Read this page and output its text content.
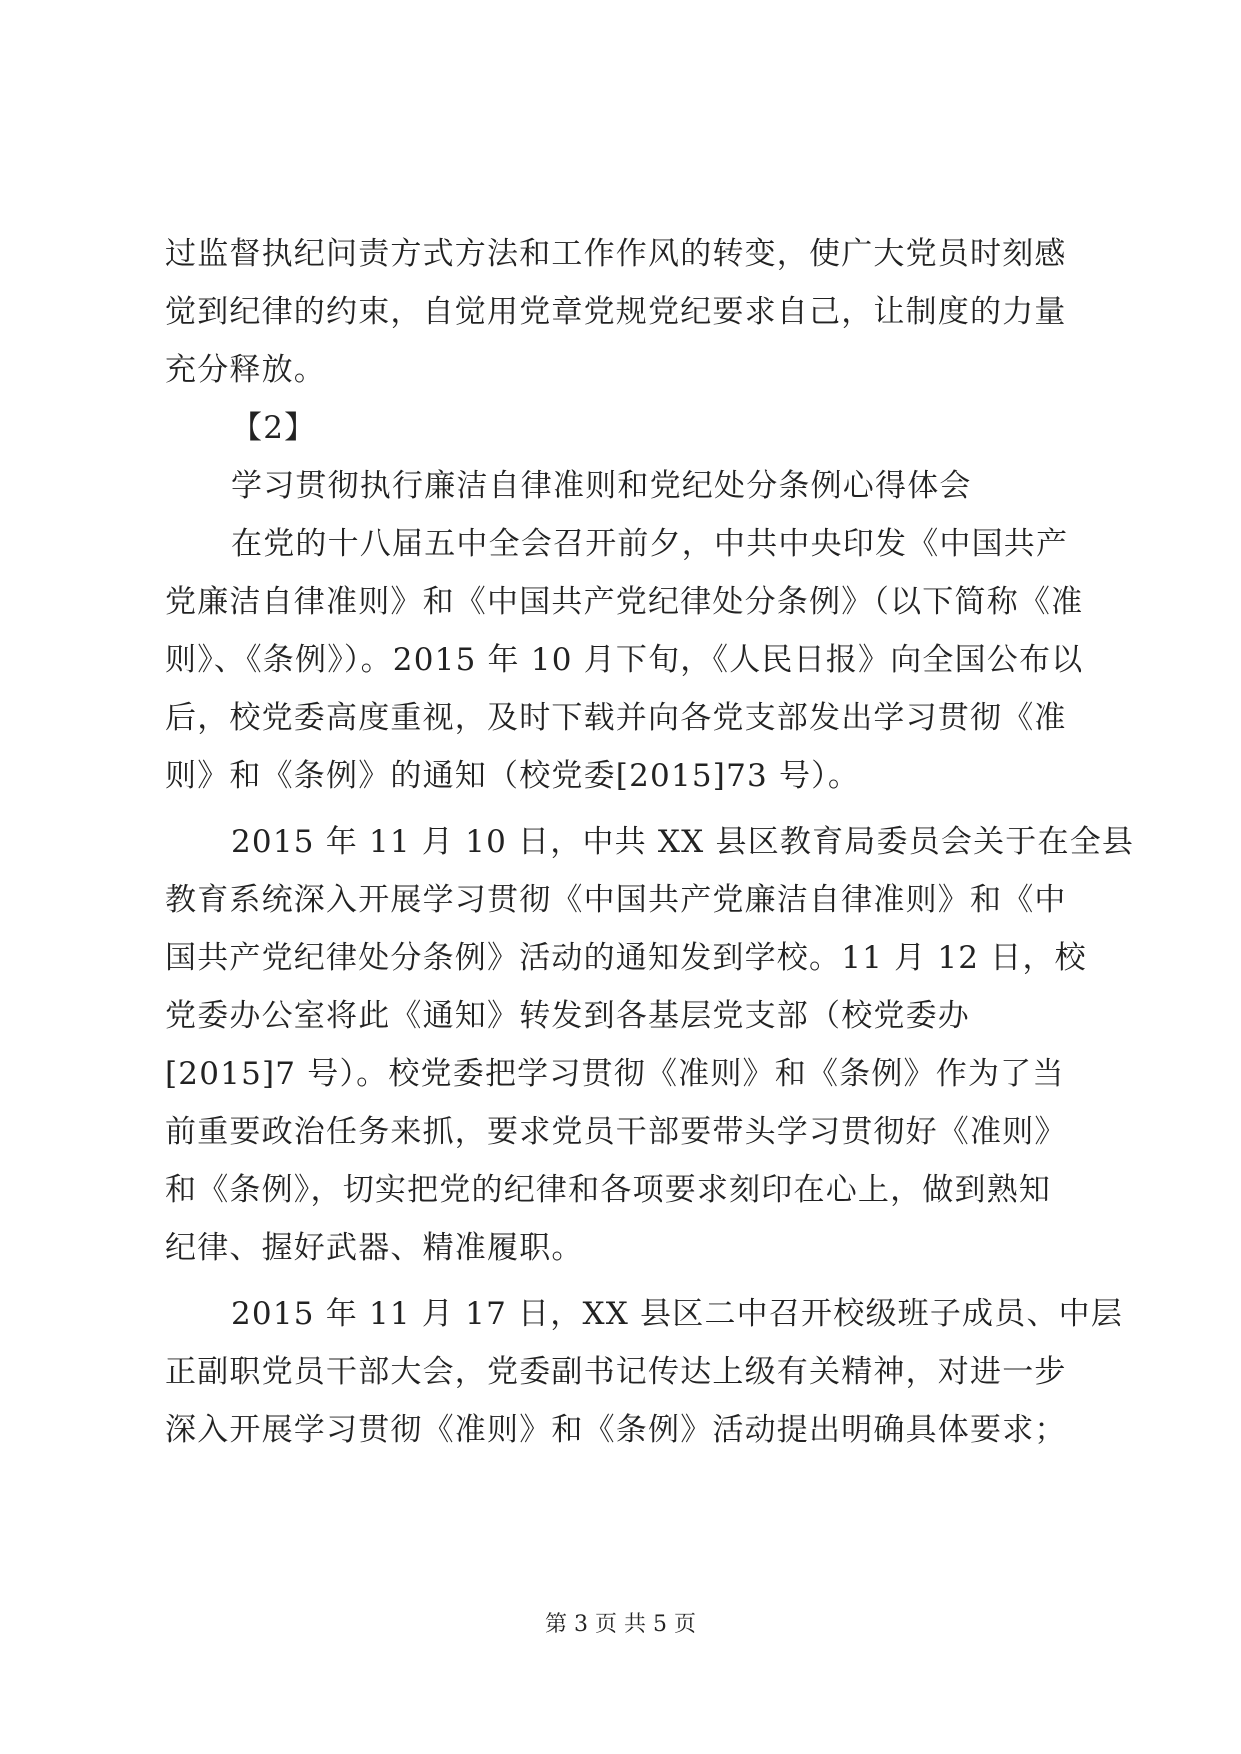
过监督执纪问责方式方法和工作作风的转变，使广大党员时刻感
觉到纪律的约束，自觉用党章党规党纪要求自己，让制度的力量
充分释放。
【2】
学习贯彻执行廉洁自律准则和党纪处分条例心得体会
在党的十八届五中全会召开前夕，中共中央印发《中国共产
党廉洁自律准则》和《中国共产党纪律处分条例》（以下简称《准
则》、《条例》）。2015 年 10 月下旬，《人民日报》向全国公布以
后，校党委高度重视，及时下载并向各党支部发出学习贯彻《准
则》和《条例》的通知（校党委[2015]73 号）。
2015 年 11 月 10 日，中共 XX 县区教育局委员会关于在全县
教育系统深入开展学习贯彻《中国共产党廉洁自律准则》和《中
国共产党纪律处分条例》活动的通知发到学校。11 月 12 日，校
党委办公室将此《通知》转发到各基层党支部（校党委办
[2015]7 号）。校党委把学习贯彻《准则》和《条例》作为了当
前重要政治任务来抓，要求党员干部要带头学习贯彻好《准则》
和《条例》，切实把党的纪律和各项要求刻印在心上，做到熟知
纪律、握好武器、精准履职。
2015 年 11 月 17 日，XX 县区二中召开校级班子成员、中层
正副职党员干部大会，党委副书记传达上级有关精神，对进一步
深入开展学习贯彻《准则》和《条例》活动提出明确具体要求；
第 3 页 共 5 页
